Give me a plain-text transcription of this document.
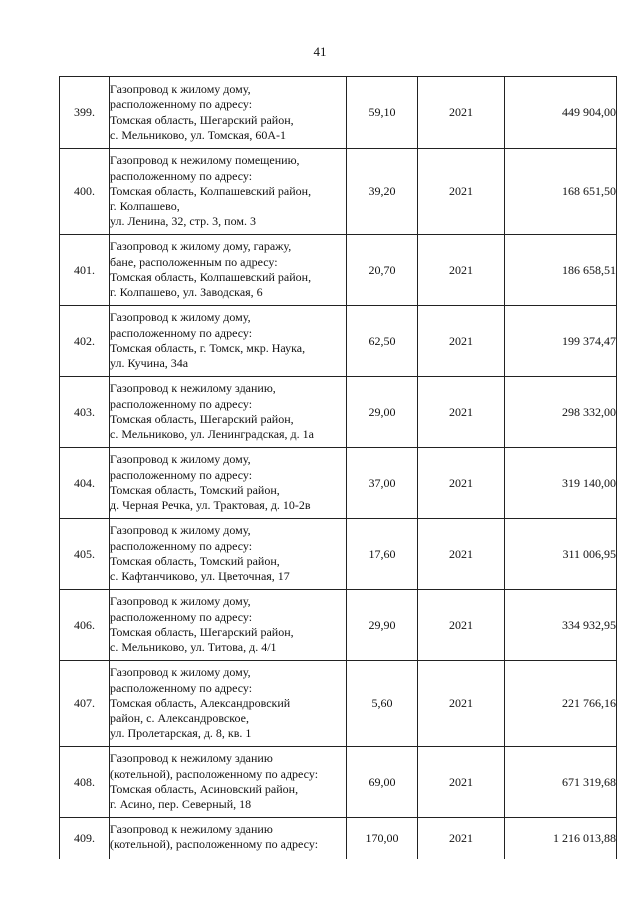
41
399.	Газопровод к жилому дому,
расположенному по адресу:
Томская область, Шегарский район,
с. Мельниково, ул. Томская, 60А-1	59,10	2021	449 904,00
400.	Газопровод к нежилому помещению,
расположенному по адресу:
Томская область, Колпашевский район,
г. Колпашево,
ул. Ленина, 32, стр. 3, пом. 3	39,20	2021	168 651,50
401.	Газопровод к жилому дому, гаражу,
бане, расположенным по адресу:
Томская область, Колпашевский район,
г. Колпашево, ул. Заводская, 6	20,70	2021	186 658,51
402.	Газопровод к жилому дому,
расположенному по адресу:
Томская область, г. Томск, мкр. Наука,
ул. Кучина, 34а	62,50	2021	199 374,47
403.	Газопровод к нежилому зданию,
расположенному по адресу:
Томская область, Шегарский район,
с. Мельниково, ул. Ленинградская, д. 1а	29,00	2021	298 332,00
404.	Газопровод к жилому дому,
расположенному по адресу:
Томская область, Томский район,
д. Черная Речка, ул. Трактовая, д. 10-2в	37,00	2021	319 140,00
405.	Газопровод к жилому дому,
расположенному по адресу:
Томская область, Томский район,
с. Кафтанчиково, ул. Цветочная, 17	17,60	2021	311 006,95
406.	Газопровод к жилому дому,
расположенному по адресу:
Томская область, Шегарский район,
с. Мельниково, ул. Титова, д. 4/1	29,90	2021	334 932,95
407.	Газопровод к жилому дому,
расположенному по адресу:
Томская область, Александровский
район, с. Александровское,
ул. Пролетарская, д. 8, кв. 1	5,60	2021	221 766,16
408.	Газопровод к нежилому зданию
(котельной), расположенному по адресу:
Томская область, Асиновский район,
г. Асино, пер. Северный, 18	69,00	2021	671 319,68
409.	Газопровод к нежилому зданию
(котельной), расположенному по адресу:	170,00	2021	1 216 013,88
